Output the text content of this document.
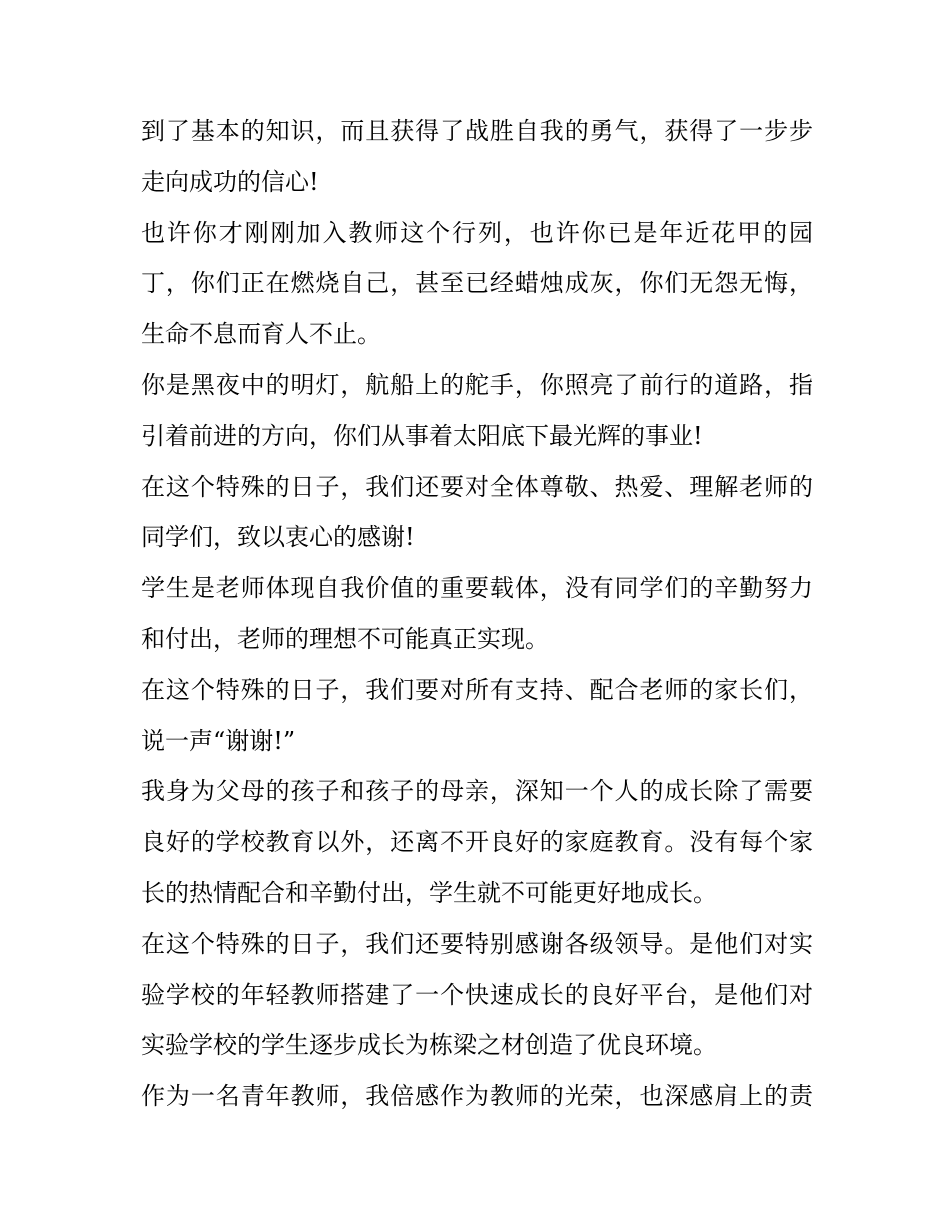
到了基本的知识，而且获得了战胜自我的勇气，获得了一步步
走向成功的信心!
也许你才刚刚加入教师这个行列，也许你已是年近花甲的园
丁，你们正在燃烧自己，甚至已经蜡烛成灰，你们无怨无悔，
生命不息而育人不止。
你是黑夜中的明灯，航船上的舵手，你照亮了前行的道路，指
引着前进的方向，你们从事着太阳底下最光辉的事业!
在这个特殊的日子，我们还要对全体尊敬、热爱、理解老师的
同学们，致以衷心的感谢!
学生是老师体现自我价值的重要载体，没有同学们的辛勤努力
和付出，老师的理想不可能真正实现。
在这个特殊的日子，我们要对所有支持、配合老师的家长们，
说一声“谢谢!”
我身为父母的孩子和孩子的母亲，深知一个人的成长除了需要
良好的学校教育以外，还离不开良好的家庭教育。没有每个家
长的热情配合和辛勤付出，学生就不可能更好地成长。
在这个特殊的日子，我们还要特别感谢各级领导。是他们对实
验学校的年轻教师搭建了一个快速成长的良好平台，是他们对
实验学校的学生逐步成长为栋梁之材创造了优良环境。
作为一名青年教师，我倍感作为教师的光荣，也深感肩上的责
